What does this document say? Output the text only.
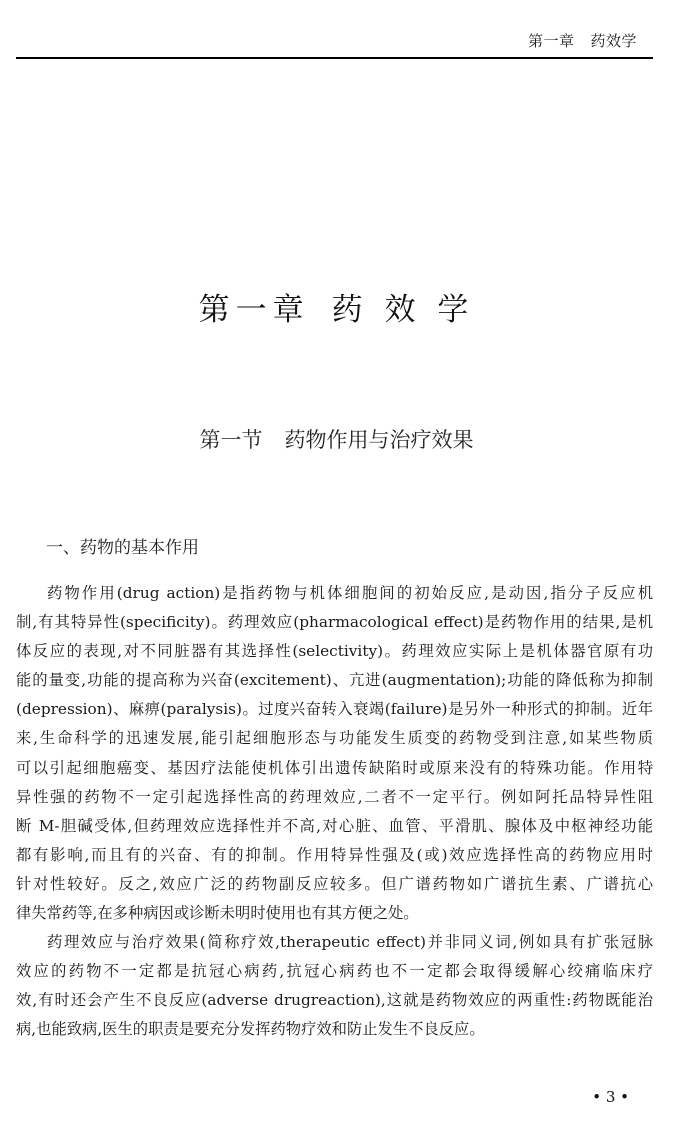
第一章 药效学
第一章 药 效 学
第一节 药物作用与治疗效果
一、药物的基本作用
药物作用(drug action)是指药物与机体细胞间的初始反应,是动因,指分子反应机
制,有其特异性(specificity)。药理效应(pharmacological effect)是药物作用的结果,是机
体反应的表现,对不同脏器有其选择性(selectivity)。药理效应实际上是机体器官原有功
能的量变,功能的提高称为兴奋(excitement)、亢进(augmentation);功能的降低称为抑制
(depression)、麻痹(paralysis)。过度兴奋转入衰竭(failure)是另外一种形式的抑制。近年
来,生命科学的迅速发展,能引起细胞形态与功能发生质变的药物受到注意,如某些物质
可以引起细胞癌变、基因疗法能使机体引出遗传缺陷时或原来没有的特殊功能。作用特
异性强的药物不一定引起选择性高的药理效应,二者不一定平行。例如阿托品特异性阻
断 M-胆碱受体,但药理效应选择性并不高,对心脏、血管、平滑肌、腺体及中枢神经功能
都有影响,而且有的兴奋、有的抑制。作用特异性强及(或)效应选择性高的药物应用时
针对性较好。反之,效应广泛的药物副反应较多。但广谱药物如广谱抗生素、广谱抗心
律失常药等,在多种病因或诊断未明时使用也有其方便之处。
药理效应与治疗效果(简称疗效,therapeutic effect)并非同义词,例如具有扩张冠脉
效应的药物不一定都是抗冠心病药,抗冠心病药也不一定都会取得缓解心绞痛临床疗
效,有时还会产生不良反应(adverse drugreaction),这就是药物效应的两重性:药物既能治
病,也能致病,医生的职责是要充分发挥药物疗效和防止发生不良反应。
• 3 •
